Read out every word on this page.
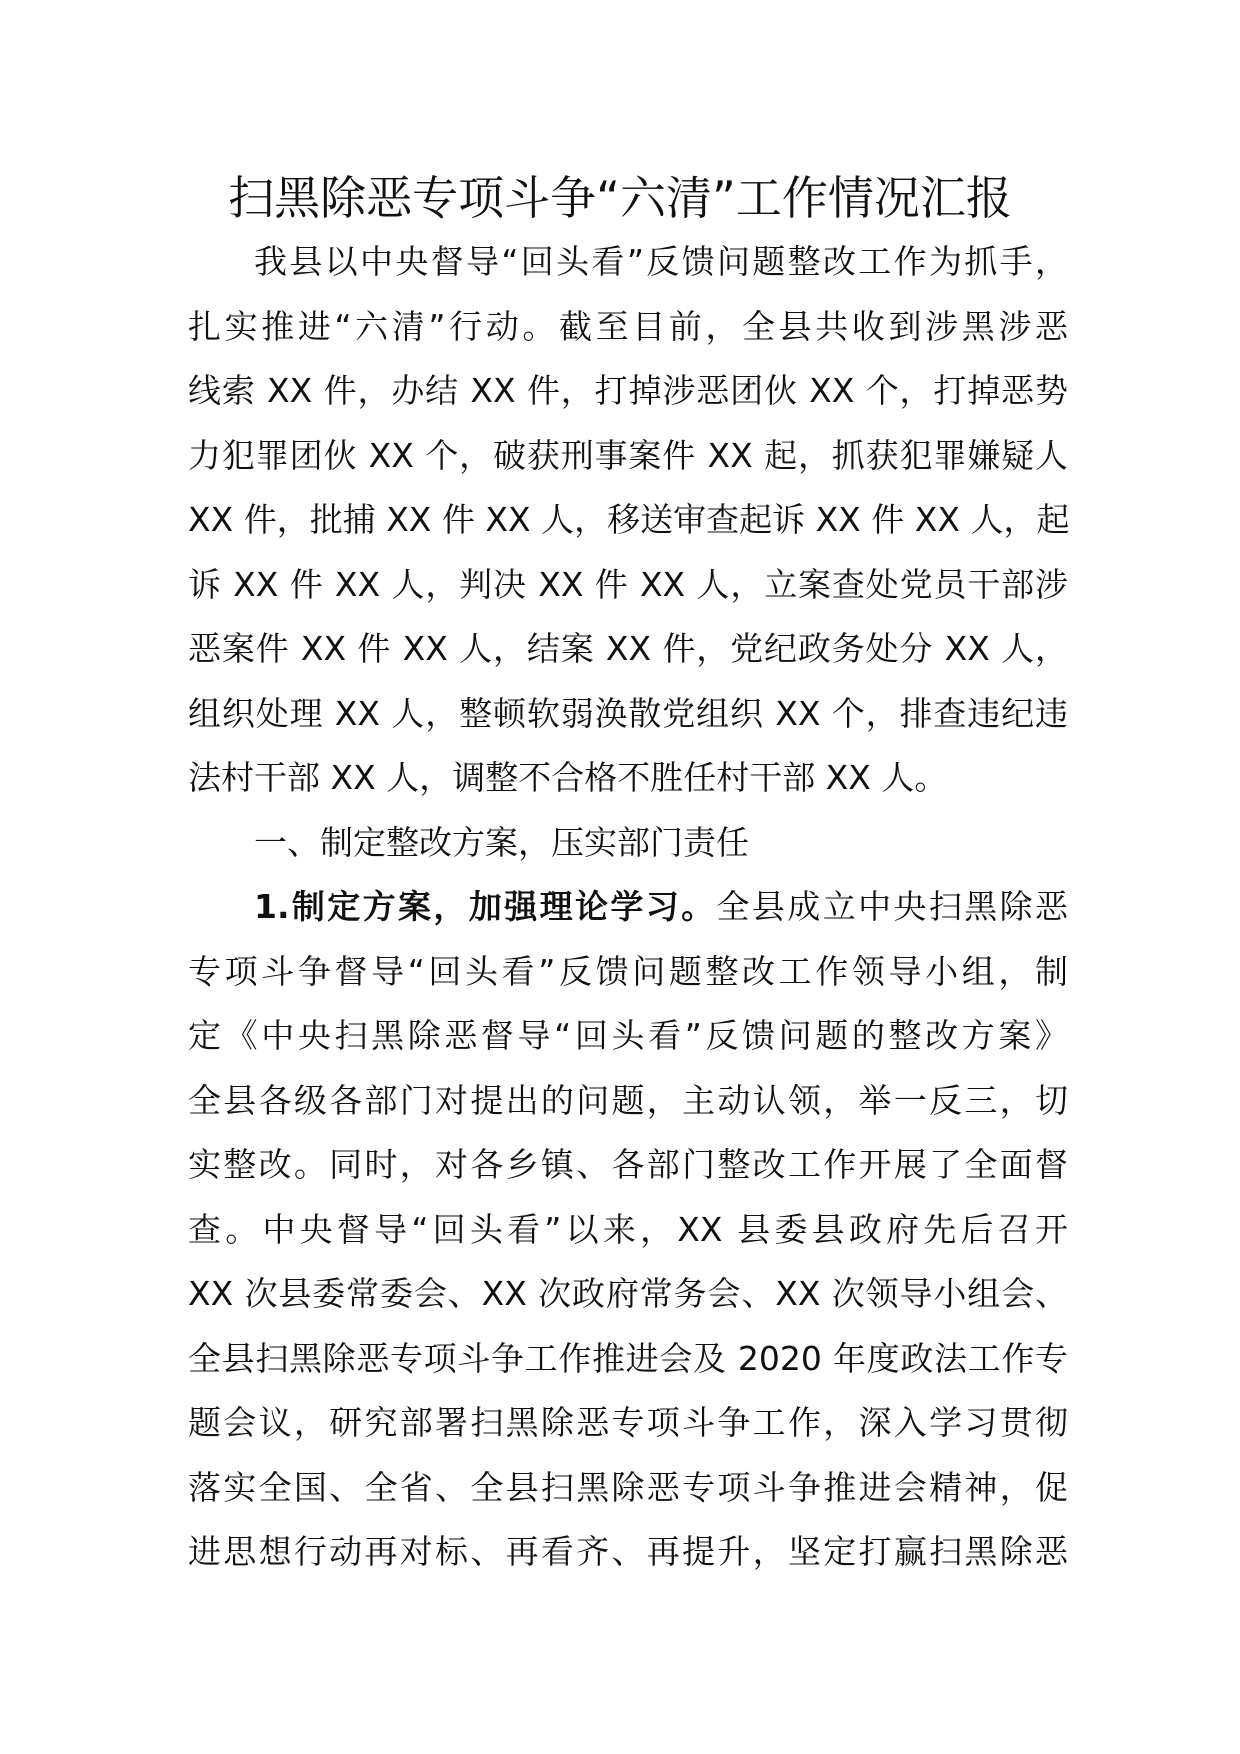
扫黑除恶专项斗争“六清”工作情况汇报
我县以中央督导“回头看”反馈问题整改工作为抓手，
扎实推进“六清”行动。截至目前，全县共收到涉黑涉恶
线索 XX 件，办结 XX 件，打掉涉恶团伙 XX 个，打掉恶势
力犯罪团伙 XX 个，破获刑事案件 XX 起，抓获犯罪嫌疑人
XX 件，批捕 XX 件 XX 人，移送审查起诉 XX 件 XX 人，起
诉 XX 件 XX 人，判决 XX 件 XX 人，立案查处党员干部涉
恶案件 XX 件 XX 人，结案 XX 件，党纪政务处分 XX 人，
组织处理 XX 人，整顿软弱涣散党组织 XX 个，排查违纪违
法村干部 XX 人，调整不合格不胜任村干部 XX 人。
一、制定整改方案，压实部门责任
1.制定方案，加强理论学习。全县成立中央扫黑除恶
专项斗争督导“回头看”反馈问题整改工作领导小组，制
定《中央扫黑除恶督导“回头看”反馈问题的整改方案》
全县各级各部门对提出的问题，主动认领，举一反三，切
实整改。同时，对各乡镇、各部门整改工作开展了全面督
查。中央督导“回头看”以来，XX 县委县政府先后召开
XX 次县委常委会、XX 次政府常务会、XX 次领导小组会、
全县扫黑除恶专项斗争工作推进会及 2020 年度政法工作专
题会议，研究部署扫黑除恶专项斗争工作，深入学习贯彻
落实全国、全省、全县扫黑除恶专项斗争推进会精神，促
进思想行动再对标、再看齐、再提升，坚定打赢扫黑除恶
